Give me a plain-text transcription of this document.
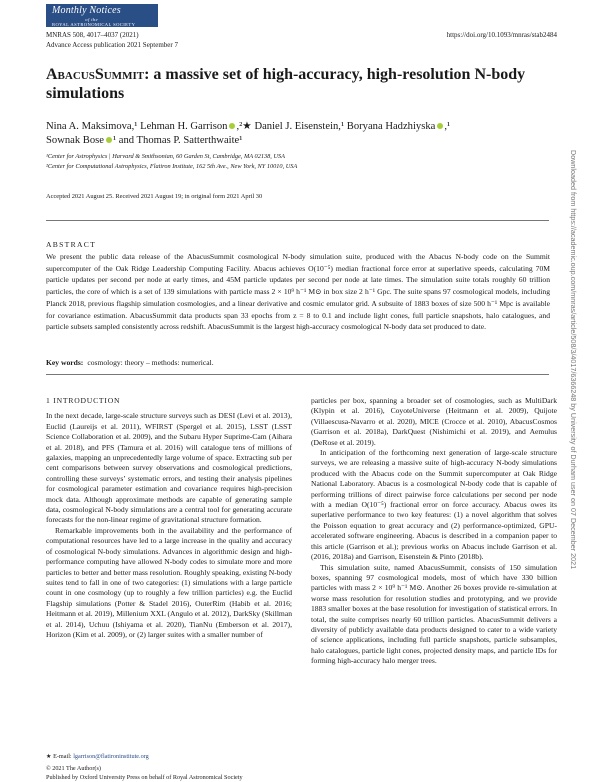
Monthly Notices
of the
ROYAL ASTRONOMICAL SOCIETY
MNRAS 508, 4017–4037 (2021)	https://doi.org/10.1093/mnras/stab2484
Advance Access publication 2021 September 7
AbacusSummit: a massive set of high-accuracy, high-resolution N-body simulations
Nina A. Maksimova,¹ Lehman H. Garrison ,²★ Daniel J. Eisenstein,¹ Boryana Hadzhiyska ,¹
Sownak Bose ¹ and Thomas P. Satterthwaite¹
¹Center for Astrophysics | Harvard & Smithsonian, 60 Garden St, Cambridge, MA 02138, USA
²Center for Computational Astrophysics, Flatiron Institute, 162 5th Ave., New York, NY 10010, USA
Accepted 2021 August 25. Received 2021 August 19; in original form 2021 April 30
ABSTRACT

We present the public data release of the AbacusSummit cosmological N-body simulation suite, produced with the Abacus N-body code on the Summit supercomputer of the Oak Ridge Leadership Computing Facility. Abacus achieves O(10⁻⁵) median fractional force error at superlative speeds, calculating 70M particle updates per second per node at early times, and 45M particle updates per second per node at late times. The simulation suite totals roughly 60 trillion particles, the core of which is a set of 139 simulations with particle mass 2 × 10⁹ h⁻¹ M⊙ in box size 2 h⁻¹ Gpc. The suite spans 97 cosmological models, including Planck 2018, previous flagship simulation cosmologies, and a linear derivative and cosmic emulator grid. A subsuite of 1883 boxes of size 500 h⁻¹ Mpc is available for covariance estimation. AbacusSummit data products span 33 epochs from z = 8 to 0.1 and include light cones, full particle snapshots, halo catalogues, and particle subsets sampled consistently across redshift. AbacusSummit is the largest high-accuracy cosmological N-body data set produced to date.

Key words: cosmology: theory – methods: numerical.
1 INTRODUCTION

In the next decade, large-scale structure surveys such as DESI (Levi et al. 2013), Euclid (Laureijs et al. 2011), WFIRST (Spergel et al. 2015), LSST (LSST Science Collaboration et al. 2009), and the Subaru Hyper Suprime-Cam (Aihara et al. 2018), and PFS (Tamura et al. 2016) will catalogue tens of millions of galaxies, mapping an unprecedentedly large volume of space. Extracting sub per cent comparisons between survey observations and cosmological predictions, controlling these surveys’ systematic errors, and testing their analysis pipelines for cosmological parameter estimation and covariance requires high-precision mock data. Although approximate methods are capable of generating sample data, cosmological N-body simulations are a central tool for generating accurate forecasts for the non-linear regime of gravitational structure formation.

Remarkable improvements both in the availability and the performance of computational resources have led to a large increase in the quality and accuracy of cosmological N-body simulations. Advances in algorithmic design and high-performance computing have allowed N-body codes to simulate more and more particles to better and better mass resolution. Roughly speaking, existing N-body suites tend to fall in one of two categories: (1) simulations with a large particle count in one cosmology (up to roughly a few trillion particles) e.g. the Euclid Flagship simulations (Potter & Stadel 2016), OuterRim (Habib et al. 2016; Heitmann et al. 2019), Millenium XXL (Angulo et al. 2012), DarkSky (Skillman et al. 2014), Uchuu (Ishiyama et al. 2020), TianNu (Emberson et al. 2017), Horizon (Kim et al. 2009), or (2) larger suites with a smaller number of

particles per box, spanning a broader set of cosmologies, such as MultiDark (Klypin et al. 2016), CoyoteUniverse (Heitmann et al. 2009), Quijote (Villaescusa-Navarro et al. 2020), MICE (Crocce et al. 2010), AbacusCosmos (Garrison et al. 2018a), DarkQuest (Nishimichi et al. 2019), and Aemulus (DeRose et al. 2019).

In anticipation of the forthcoming next generation of large-scale structure surveys, we are releasing a massive suite of high-accuracy N-body simulations produced with the Abacus code on the Summit supercomputer at Oak Ridge National Laboratory. Abacus is a cosmological N-body code that is capable of performing trillions of direct pairwise force calculations per second per node with a median O(10⁻⁵) fractional error on force accuracy. Abacus owes its superlative performance to two key features: (1) a novel algorithm that solves the Poisson equation to great accuracy and (2) performance-optimized, GPU-accelerated software engineering. Abacus is described in a companion paper to this article (Garrison et al.); previous works on Abacus include Garrison et al. (2016, 2018a) and Garrison, Eisenstein & Pinto (2018b).

This simulation suite, named AbacusSummit, consists of 150 simulation boxes, spanning 97 cosmological models, most of which have 330 billion particles with mass 2 × 10⁹ h⁻¹ M⊙. Another 26 boxes provide re-simulation at worse mass resolution for resolution studies and prototyping, and we provide 1883 smaller boxes at the base resolution for investigation of statistical errors. In total, the suite comprises nearly 60 trillion particles. AbacusSummit delivers a diversity of publicly available data products designed to cater to a wide variety of science applications, including full particle snapshots, particle subsamples, halo catalogues, particle light cones, projected density maps, and particle IDs for forming high-accuracy halo merger trees.

★ E-mail: lgarrison@flatironinstitute.org
© 2021 The Author(s)
Published by Oxford University Press on behalf of Royal Astronomical Society
Downloaded from https://academic.oup.com/mnras/article/508/3/4017/6366248 by University of Durham user on 07 December 2021
